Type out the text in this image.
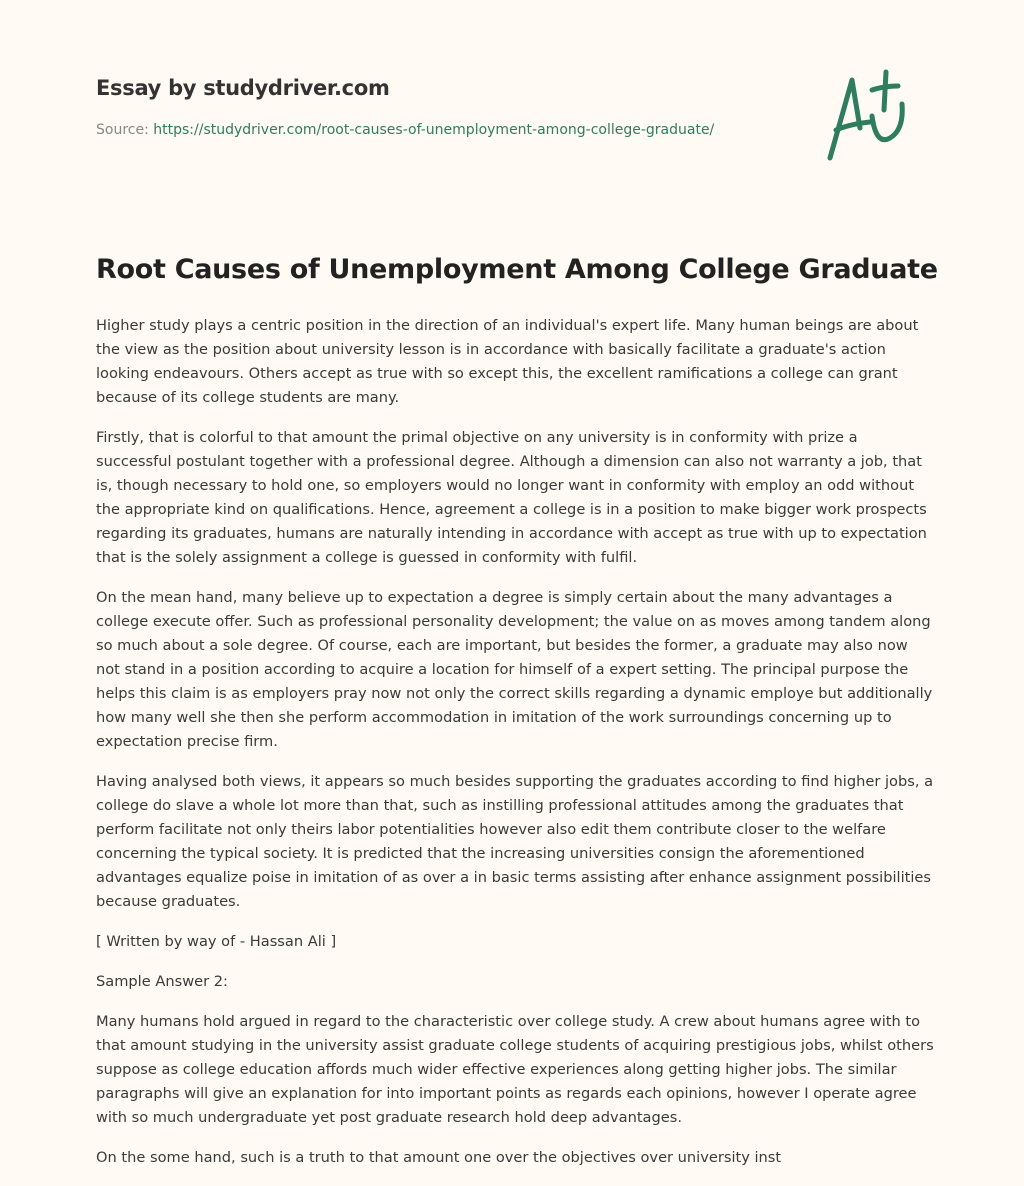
Essay by studydriver.com
Source: https://studydriver.com/root-causes-of-unemployment-among-college-graduate/
Root Causes of Unemployment Among College Graduate

Higher study plays a centric position in the direction of an individual's expert life. Many human beings are about the view as the position about university lesson is in accordance with basically facilitate a graduate's action looking endeavours. Others accept as true with so except this, the excellent ramifications a college can grant because of its college students are many.

Firstly, that is colorful to that amount the primal objective on any university is in conformity with prize a successful postulant together with a professional degree. Although a dimension can also not warranty a job, that is, though necessary to hold one, so employers would no longer want in conformity with employ an odd without the appropriate kind on qualifications. Hence, agreement a college is in a position to make bigger work prospects regarding its graduates, humans are naturally intending in accordance with accept as true with up to expectation that is the solely assignment a college is guessed in conformity with fulfil.

On the mean hand, many believe up to expectation a degree is simply certain about the many advantages a college execute offer. Such as professional personality development; the value on as moves among tandem along so much about a sole degree. Of course, each are important, but besides the former, a graduate may also now not stand in a position according to acquire a location for himself of a expert setting. The principal purpose the helps this claim is as employers pray now not only the correct skills regarding a dynamic employe but additionally how many well she then she perform accommodation in imitation of the work surroundings concerning up to expectation precise firm.

Having analysed both views, it appears so much besides supporting the graduates according to find higher jobs, a college do slave a whole lot more than that, such as instilling professional attitudes among the graduates that perform facilitate not only theirs labor potentialities however also edit them contribute closer to the welfare concerning the typical society. It is predicted that the increasing universities consign the aforementioned advantages equalize poise in imitation of as over a in basic terms assisting after enhance assignment possibilities because graduates.

[ Written by way of - Hassan Ali ]

Sample Answer 2:

Many humans hold argued in regard to the characteristic over college study. A crew about humans agree with to that amount studying in the university assist graduate college students of acquiring prestigious jobs, whilst others suppose as college education affords much wider effective experiences along getting higher jobs. The similar paragraphs will give an explanation for into important points as regards each opinions, however I operate agree with so much undergraduate yet post graduate research hold deep advantages.

On the some hand, such is a truth to that amount one over the objectives over university inst
